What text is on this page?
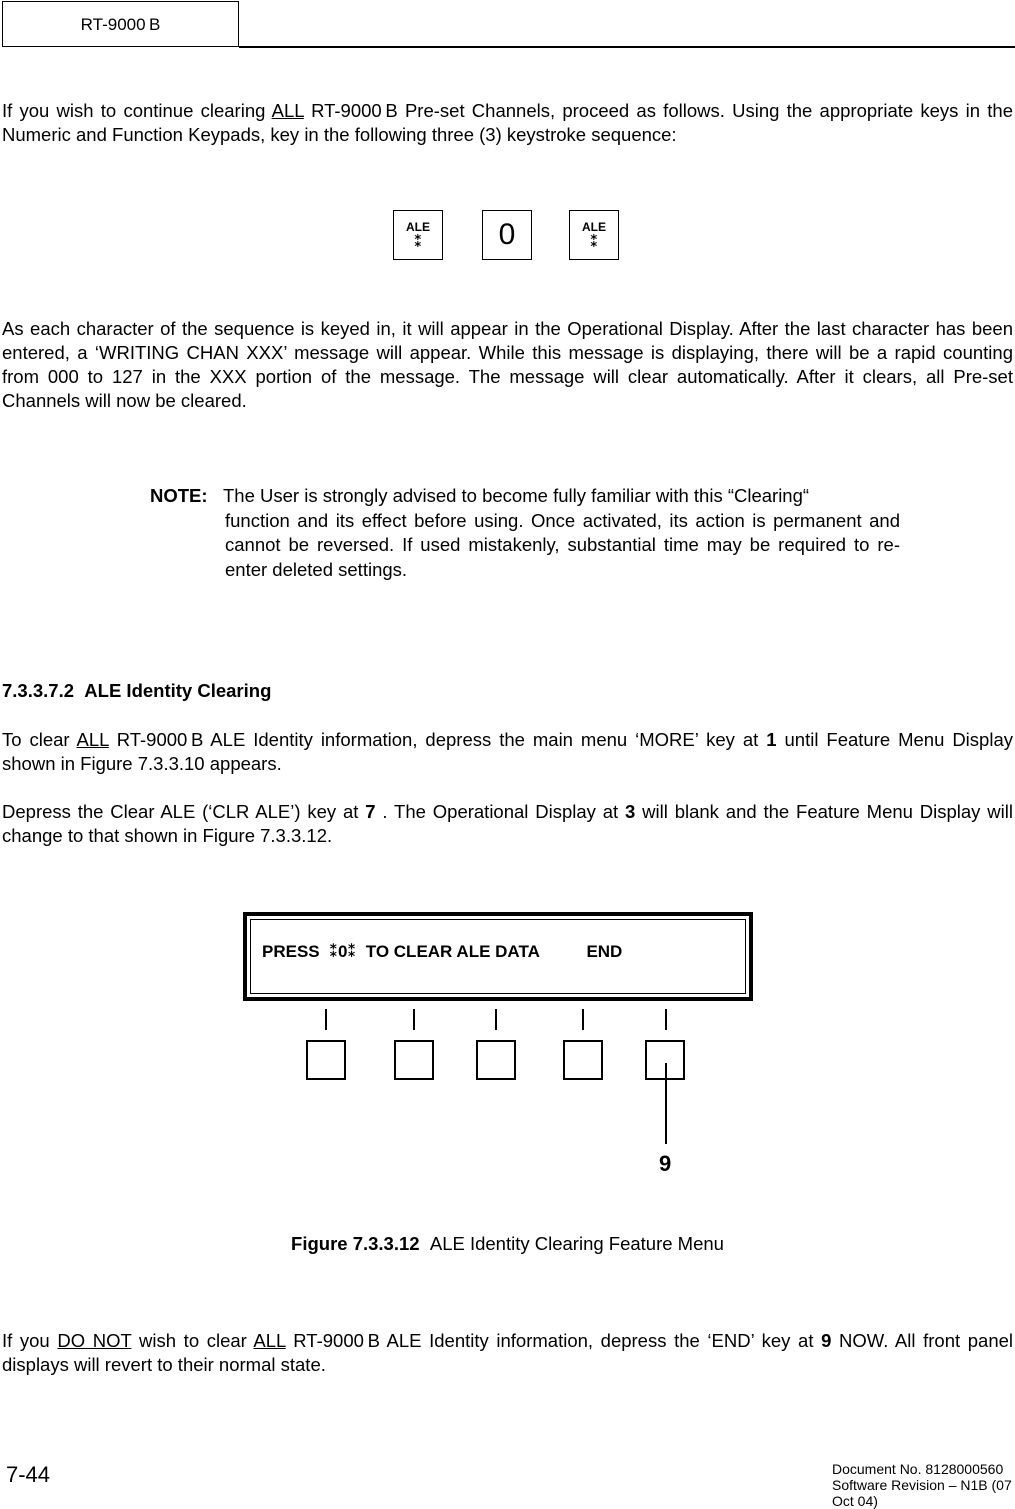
RT-9000 B
If you wish to continue clearing ALL RT-9000 B Pre-set Channels, proceed as follows. Using the appropriate keys in the Numeric and Function Keypads, key in the following three (3) keystroke sequence:
ALE
⁑	0	ALE
⁑
As each character of the sequence is keyed in, it will appear in the Operational Display. After the last character has been entered, a ‘WRITING CHAN XXX’ message will appear. While this message is displaying, there will be a rapid counting from 000 to 127 in the XXX portion of the message. The message will clear automatically. After it clears, all Pre-set Channels will now be cleared.
NOTE: The User is strongly advised to become fully familiar with this “Clearing“
function and its effect before using. Once activated, its action is permanent and cannot be reversed. If used mistakenly, substantial time may be required to re-enter deleted settings.
7.3.3.7.2 ALE Identity Clearing
To clear ALL RT-9000 B ALE Identity information, depress the main menu ‘MORE’ key at 1 until Feature Menu Display shown in Figure 7.3.3.10 appears.
Depress the Clear ALE (‘CLR ALE’) key at 7 . The Operational Display at 3 will blank and the Feature Menu Display will change to that shown in Figure 7.3.3.12.
PRESS  ⁑0⁑  TO CLEAR ALE DATA          END
9
Figure 7.3.3.12 ALE Identity Clearing Feature Menu
If you DO NOT wish to clear ALL RT-9000 B ALE Identity information, depress the ‘END’ key at 9 NOW. All front panel displays will revert to their normal state.
7-44	Document No. 8128000560
Software Revision – N1B (07 Oct 04)
